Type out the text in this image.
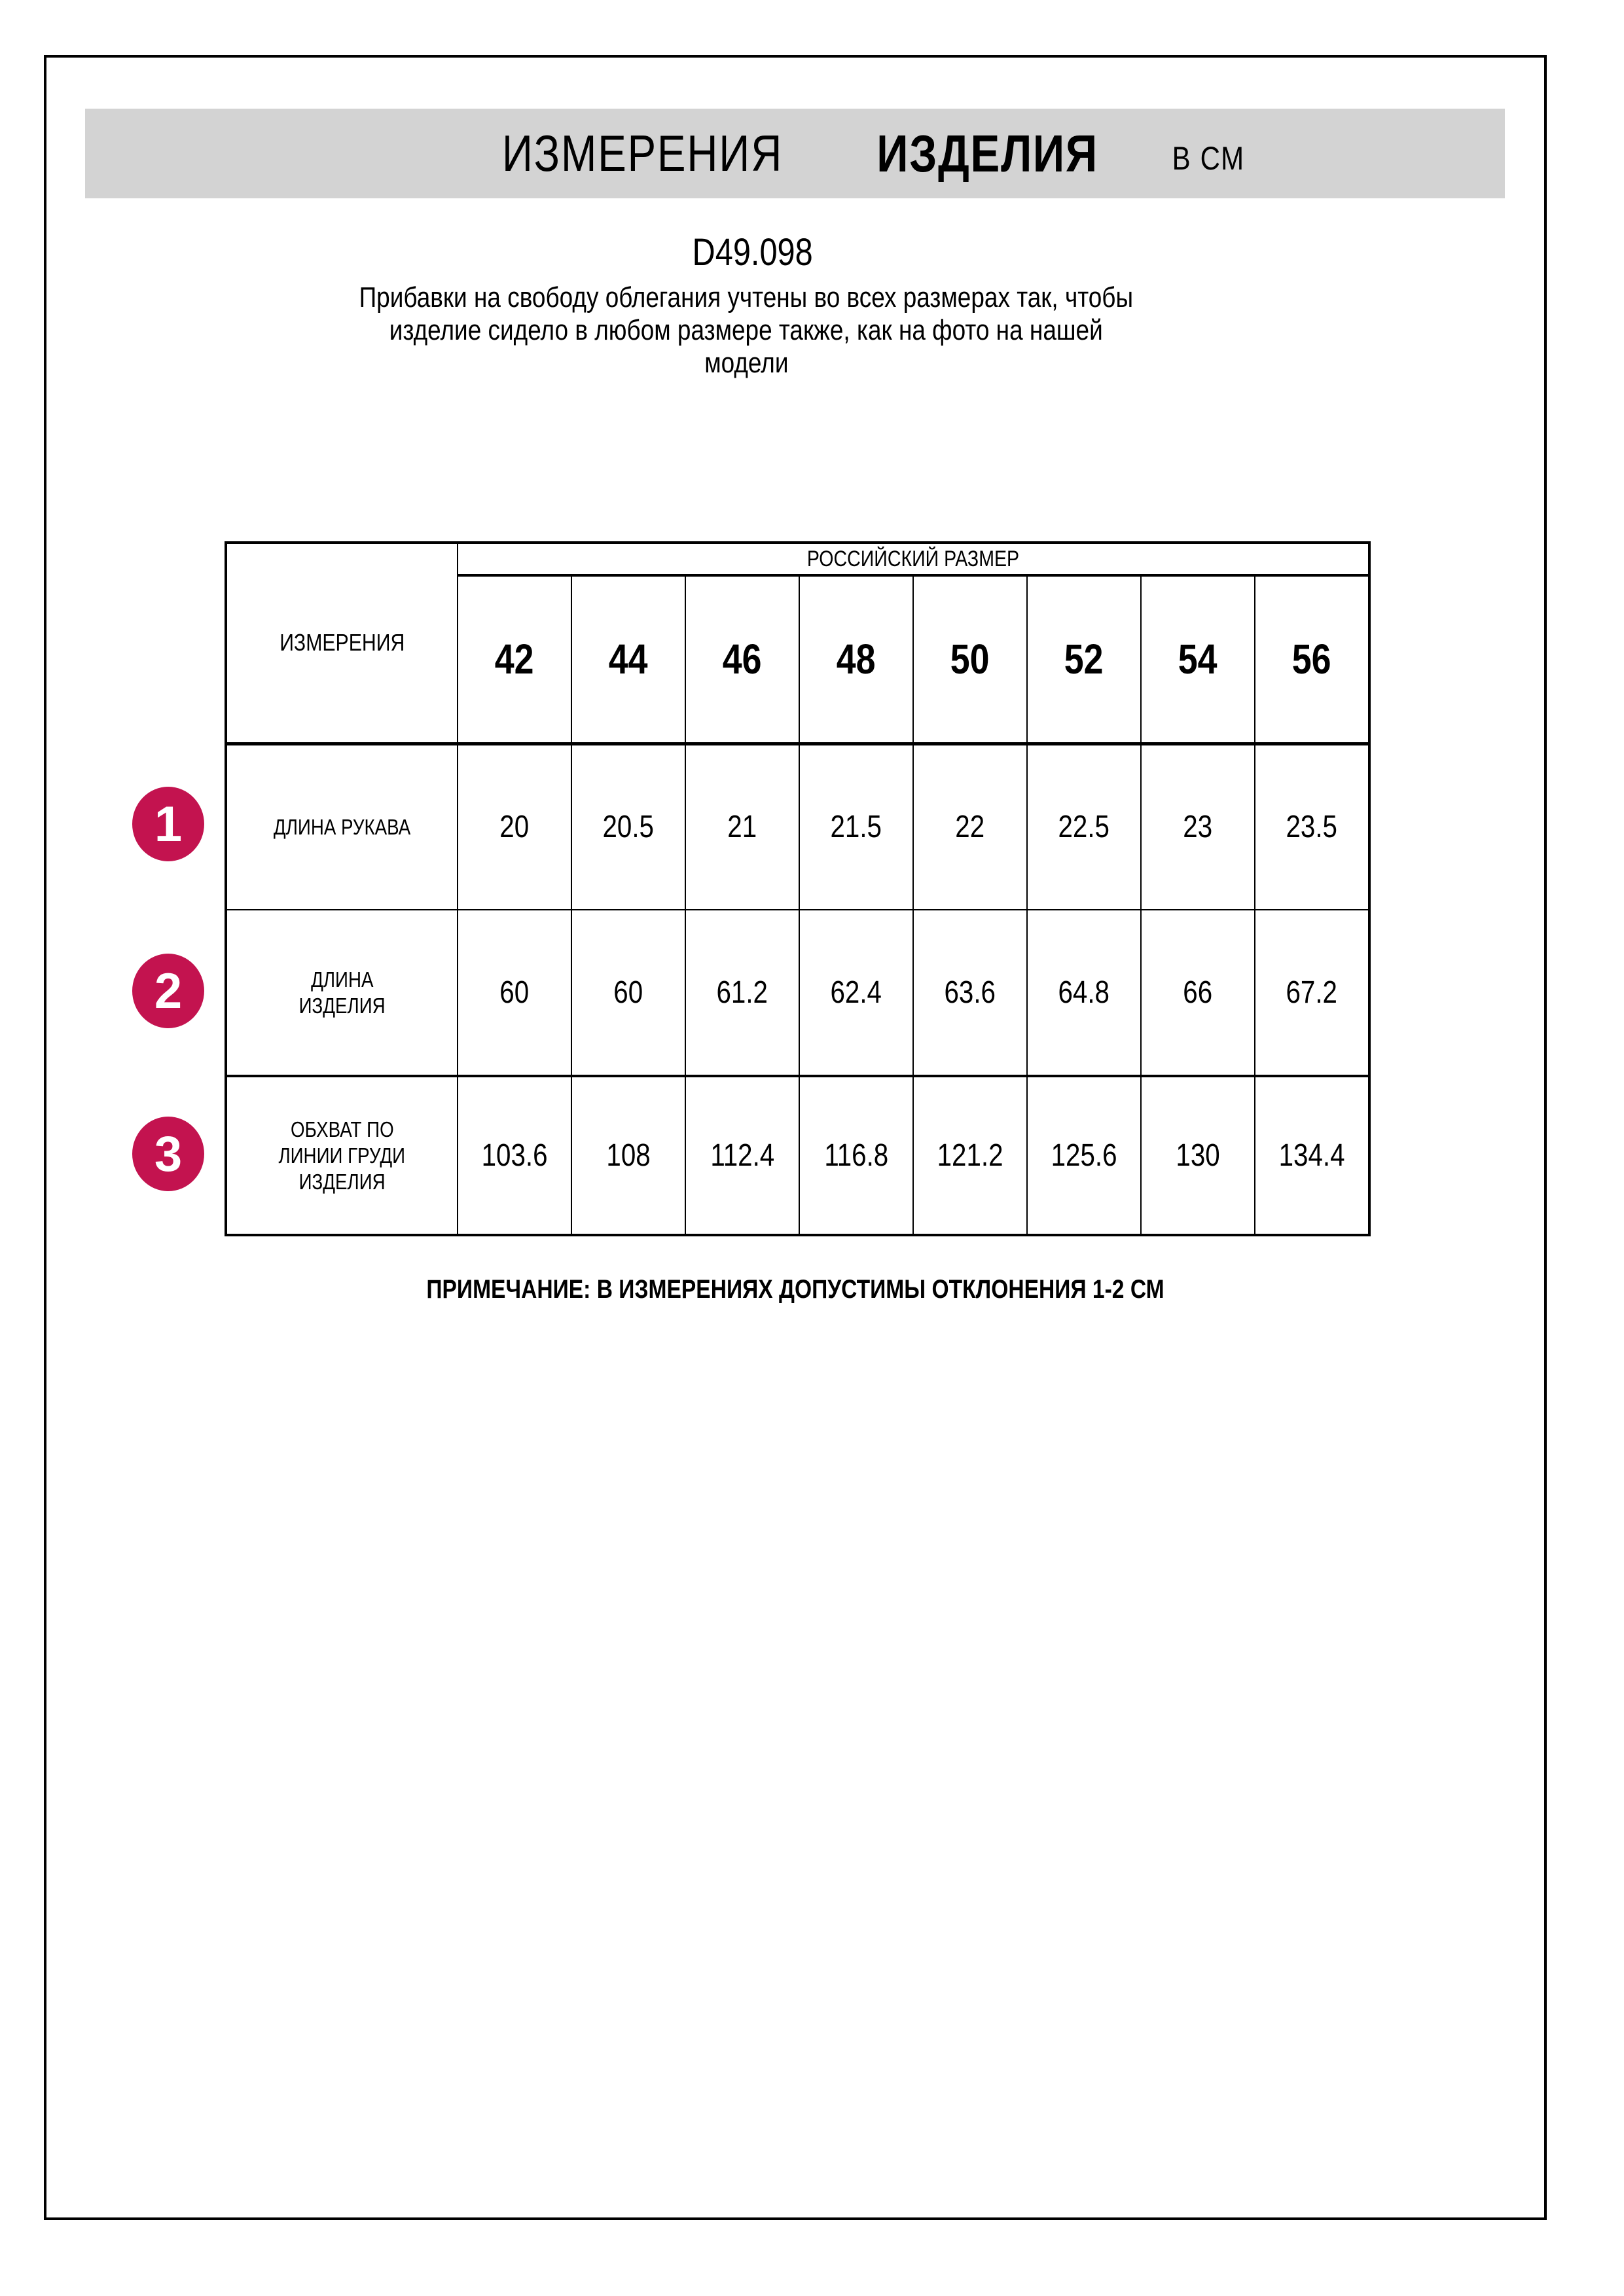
ИЗМЕРЕНИЯ	ИЗДЕЛИЯ	В СМ
D49.098
Прибавки на свободу облегания учтены во всех размерах так, чтобы
изделие сидело в любом размере также, как на фото на нашей
модели
ИЗМЕРЕНИЯ	РОССИЙСКИЙ РАЗМЕР							
	42	44	46	48	50	52	54	56

ДЛИНА РУКАВА	20	20.5	21	21.5	22	22.5	23	23.5

ДЛИНА
ИЗДЕЛИЯ	60	60	61.2	62.4	63.6	64.8	66	67.2

ОБХВАТ ПО
ЛИНИИ ГРУДИ
ИЗДЕЛИЯ	103.6	108	112.4	116.8	121.2	125.6	130	134.4
1
2
3
ПРИМЕЧАНИЕ: В ИЗМЕРЕНИЯХ ДОПУСТИМЫ ОТКЛОНЕНИЯ 1-2 СМ
